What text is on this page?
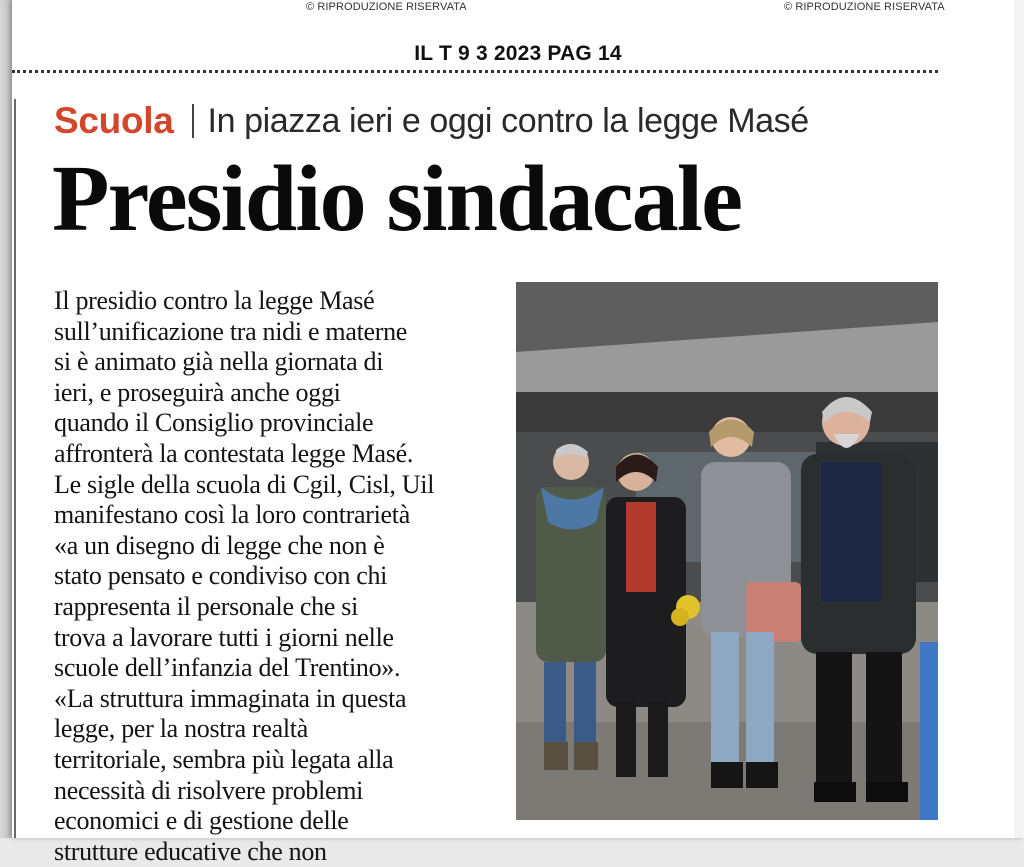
© RIPRODUZIONE RISERVATA	© RIPRODUZIONE RISERVATA
IL T 9 3 2023 PAG 14
Scuola In piazza ieri e oggi contro la legge Masé
Presidio sindacale
Il presidio contro la legge Masé
sull’unificazione tra nidi e materne
si è animato già nella giornata di
ieri, e proseguirà anche oggi
quando il Consiglio provinciale
affronterà la contestata legge Masé.
Le sigle della scuola di Cgil, Cisl, Uil
manifestano così la loro contrarietà
«a un disegno di legge che non è
stato pensato e condiviso con chi
rappresenta il personale che si
trova a lavorare tutti i giorni nelle
scuole dell’infanzia del Trentino».
«La struttura immaginata in questa
legge, per la nostra realtà
territoriale, sembra più legata alla
necessità di risolvere problemi
economici e di gestione delle
strutture educative che non
